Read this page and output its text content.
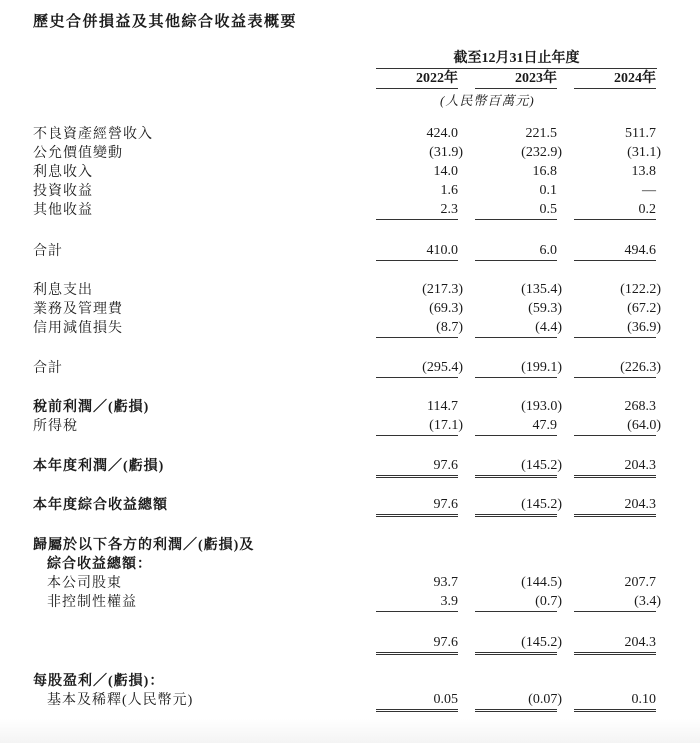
歷史合併損益及其他綜合收益表概要
截至12月31日止年度
2022年	2023年	2024年
(人民幣百萬元)
不良資產經營收入	424.0	221.5	511.7
公允價值變動	(31.9)	(232.9)	(31.1)
利息收入	14.0	16.8	13.8
投資收益	1.6	0.1	—
其他收益	2.3	0.5	0.2
合計	410.0	6.0	494.6
利息支出	(217.3)	(135.4)	(122.2)
業務及管理費	(69.3)	(59.3)	(67.2)
信用減值損失	(8.7)	(4.4)	(36.9)
合計	(295.4)	(199.1)	(226.3)
稅前利潤／(虧損)	114.7	(193.0)	268.3
所得稅	(17.1)	47.9	(64.0)
本年度利潤／(虧損)	97.6	(145.2)	204.3
本年度綜合收益總額	97.6	(145.2)	204.3
歸屬於以下各方的利潤／(虧損)及
綜合收益總額：
本公司股東	93.7	(144.5)	207.7
非控制性權益	3.9	(0.7)	(3.4)
97.6	(145.2)	204.3
每股盈利／(虧損)：
基本及稀釋(人民幣元)	0.05	(0.07)	0.10
